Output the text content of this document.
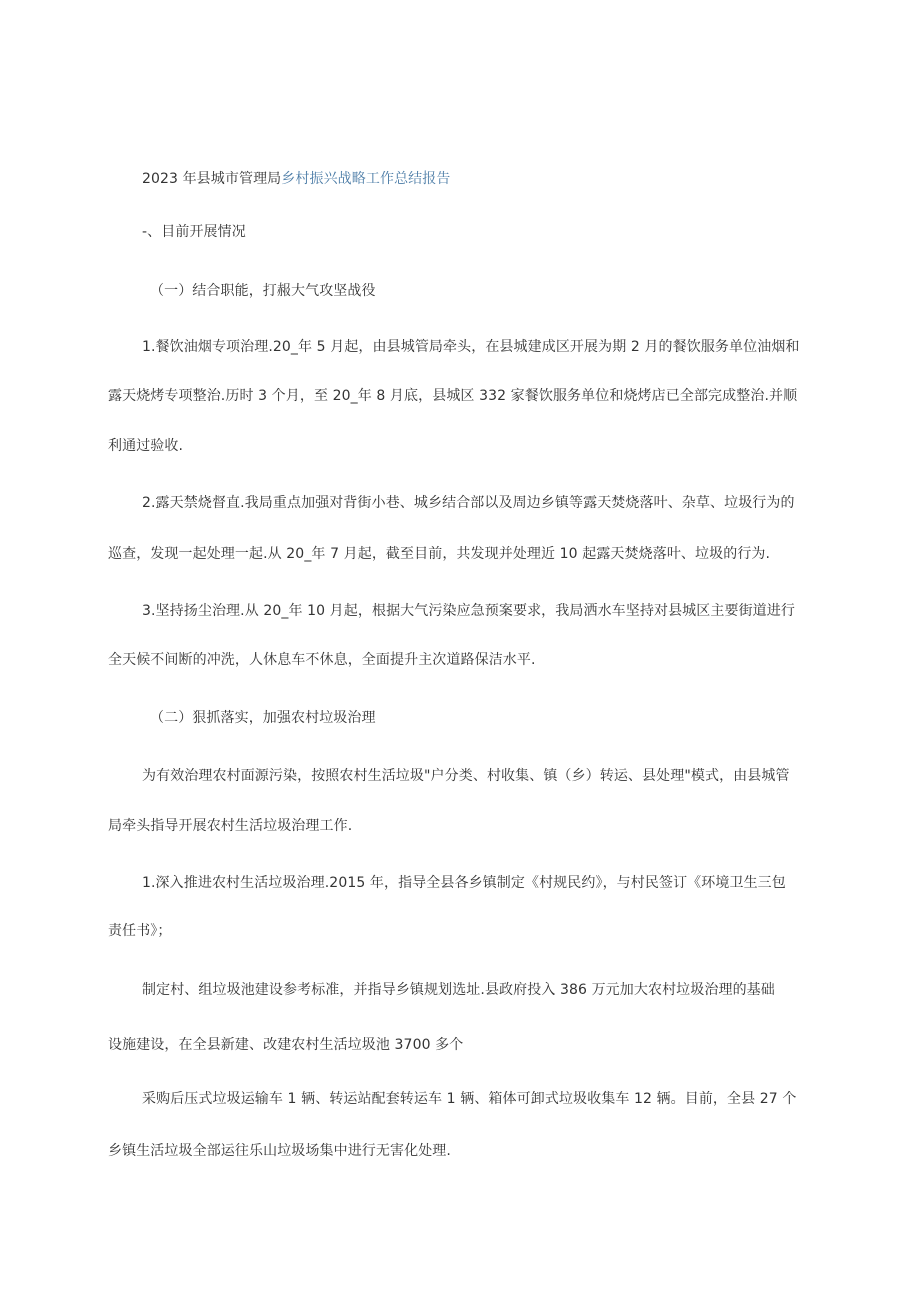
2023 年县城市管理局乡村振兴战略工作总结报告
-、目前开展情况
（一）结合职能，打赧大气攻坚战役
1.餐饮油烟专项治理.20_年 5 月起，由县城管局牵头，在县城建成区开展为期 2 月的餐饮服务单位油烟和
露天烧烤专项整治.历时 3 个月，至 20_年 8 月底，县城区 332 家餐饮服务单位和烧烤店已全部完成整治.并顺
利通过验收.
2.露天禁烧督直.我局重点加强对背街小巷、城乡结合部以及周边乡镇等露天焚烧落叶、杂草、垃圾行为的
巡查，发现一起处理一起.从 20_年 7 月起，截至目前，共发现并处理近 10 起露天焚烧落叶、垃圾的行为.
3.坚持扬尘治理.从 20_年 10 月起，根据大气污染应急预案要求，我局洒水车坚持对县城区主要街道进行
全天候不间断的冲洗，人休息车不休息，全面提升主次道路保洁水平.
（二）狠抓落实，加强农村垃圾治理
为有效治理农村面源污染，按照农村生活垃圾"户分类、村收集、镇（乡）转运、县处理"模式，由县城管
局牵头指导开展农村生活垃圾治理工作.
1.深入推进农村生活垃圾治理.2015 年，指导全县各乡镇制定《村规民约》，与村民签订《环境卫生三包
责任书》；
制定村、组垃圾池建设参考标准，并指导乡镇规划选址.县政府投入 386 万元加大农村垃圾治理的基础
设施建设，在全县新建、改建农村生活垃圾池 3700 多个
采购后压式垃圾运输车 1 辆、转运站配套转运车 1 辆、箱体可卸式垃圾收集车 12 辆。目前，全县 27 个
乡镇生活垃圾全部运往乐山垃圾场集中进行无害化处理.
